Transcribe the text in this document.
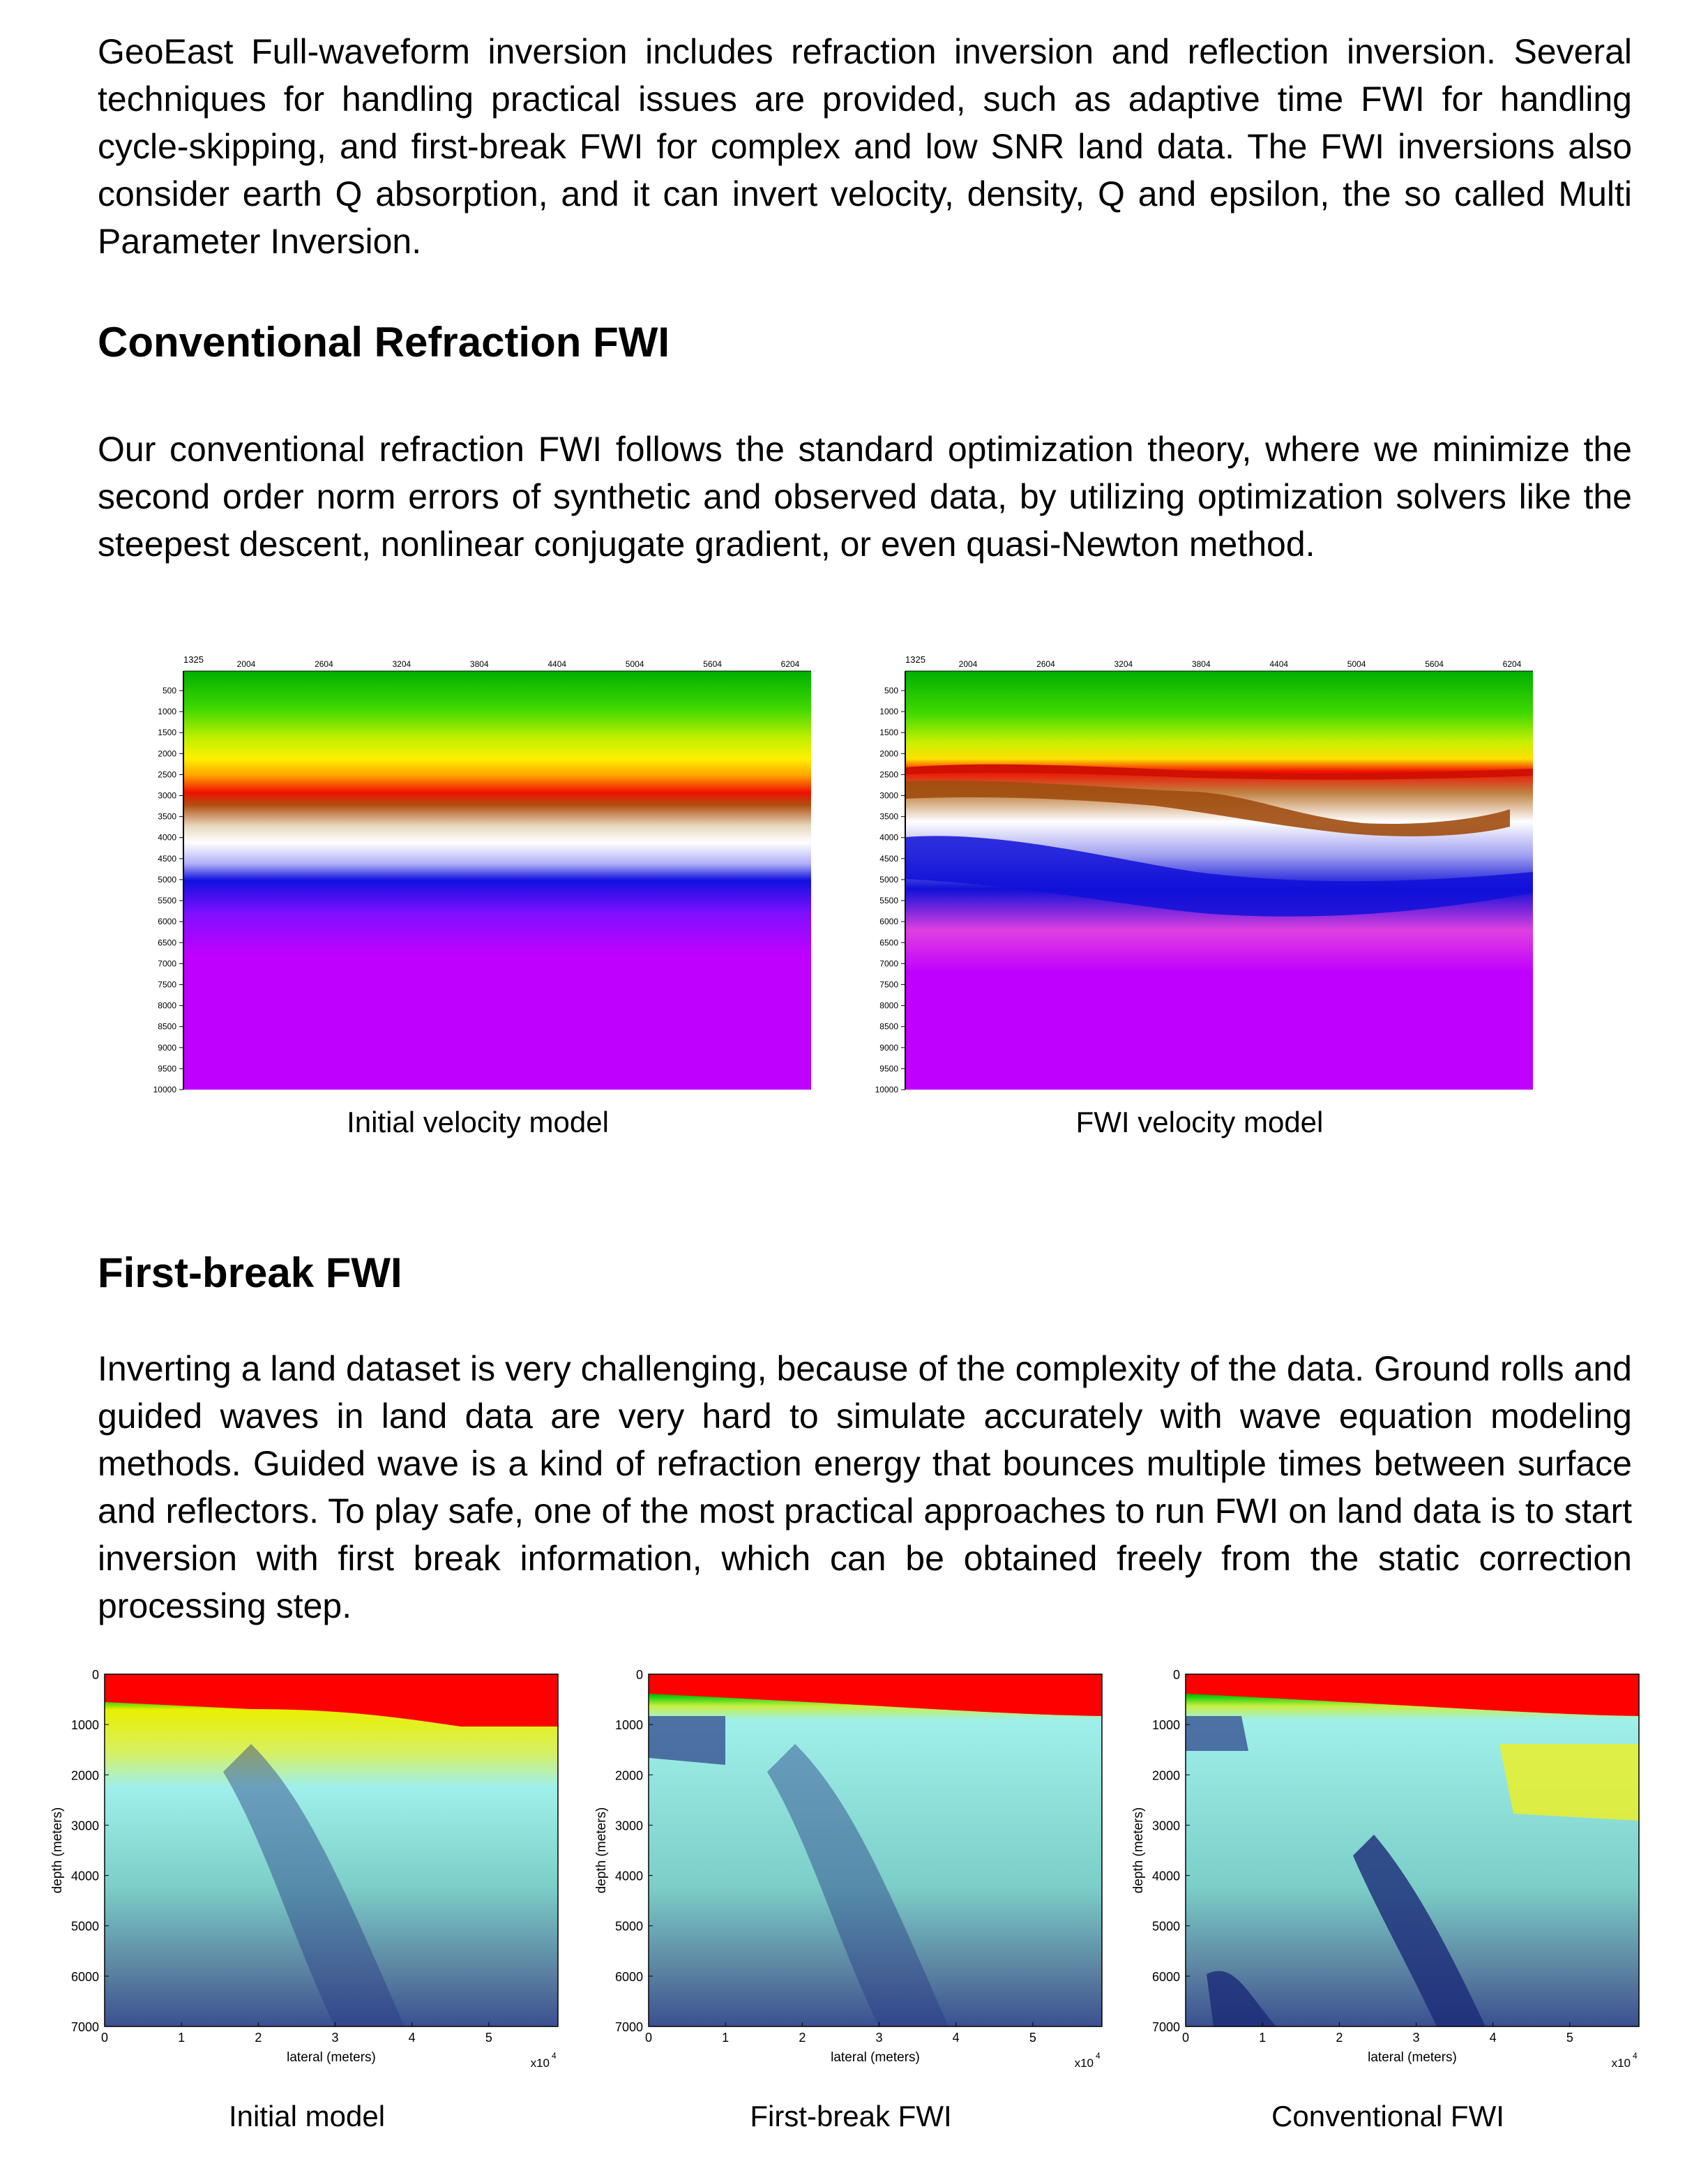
GeoEast Full-waveform inversion includes refraction inversion and reflection inversion. Several techniques for handling practical issues are provided, such as adaptive time FWI for handling cycle-skipping, and first-break FWI for complex and low SNR land data. The FWI inversions also consider earth Q absorption, and it can invert velocity, density, Q and epsilon, the so called Multi Parameter Inversion.

Conventional Refraction FWI

Our conventional refraction FWI follows the standard optimization theory, where we minimize the second order norm errors of synthetic and observed data, by utilizing optimization solvers like the steepest descent, nonlinear conjugate gradient, or even quasi-Newton method.

1325	2004	2604	3204	3804	4404	5004	5604	6204
500
1000
1500
2000
2500
3000
3500
4000
4500
5000
5500
6000
6500
7000
7500
8000
8500
9000
9500
10000
Initial velocity model
1325	2004	2604	3204	3804	4404	5004	5604	6204
500
1000
1500
2000
2500
3000
3500
4000
4500
5000
5500
6000
6500
7000
7500
8000
8500
9000
9500
10000
FWI velocity model
First-break FWI

Inverting a land dataset is very challenging, because of the complexity of the data. Ground rolls and guided waves in land data are very hard to simulate accurately with wave equation modeling methods. Guided wave is a kind of refraction energy that bounces multiple times between surface and reflectors. To play safe, one of the most practical approaches to run FWI on land data is to start inversion with first break information, which can be obtained freely from the static correction processing step.

0	1	2	3	4	5
0
1000
2000
3000
4000
5000
6000
7000
lateral (meters)
depth (meters)
x10
4
Initial model
0	1	2	3	4	5
0
1000
2000
3000
4000
5000
6000
7000
lateral (meters)
depth (meters)
x10
4
First-break FWI
0	1	2	3	4	5
0
1000
2000
3000
4000
5000
6000
7000
lateral (meters)
depth (meters)
x10
4
Conventional FWI
